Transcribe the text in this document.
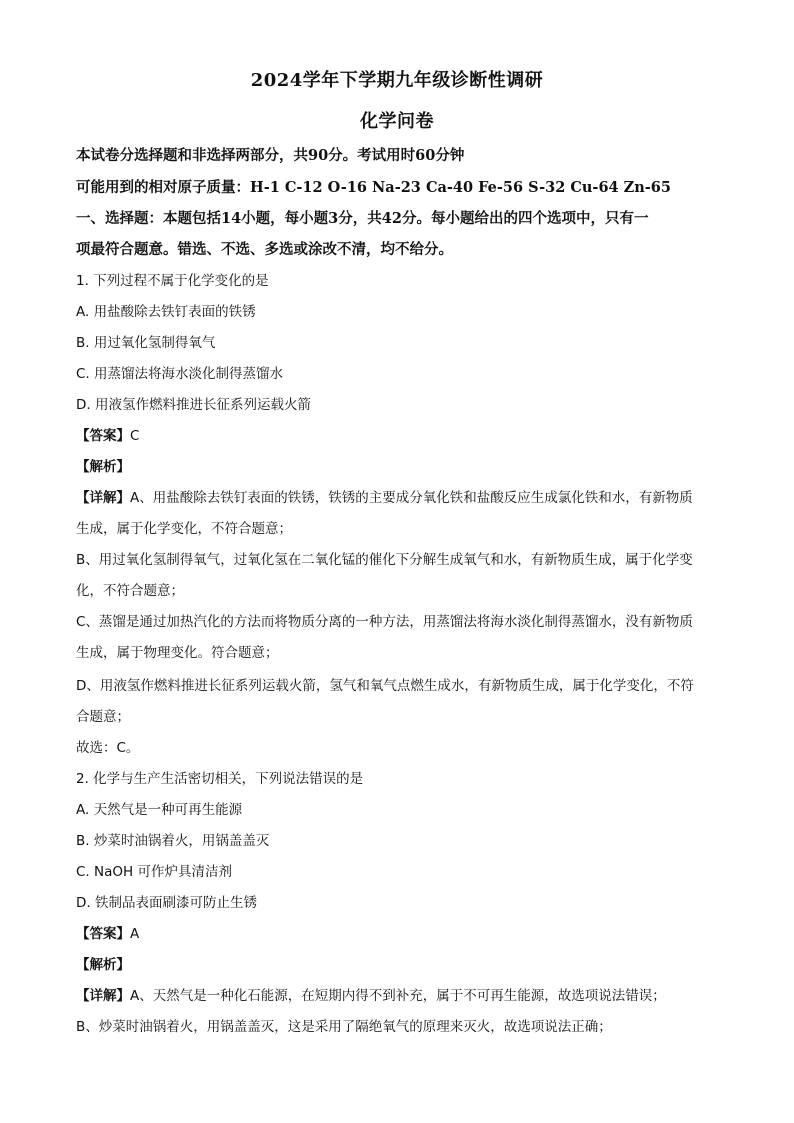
2024学年下学期九年级诊断性调研
化学问卷
本试卷分选择题和非选择两部分，共90分。考试用时60分钟
可能用到的相对原子质量：H-1 C-12 O-16 Na-23 Ca-40 Fe-56 S-32 Cu-64 Zn-65
一、选择题：本题包括14小题，每小题3分，共42分。每小题给出的四个选项中，只有一
项最符合题意。错选、不选、多选或涂改不清，均不给分。
1. 下列过程不属于化学变化的是
A. 用盐酸除去铁钉表面的铁锈
B. 用过氧化氢制得氧气
C. 用蒸馏法将海水淡化制得蒸馏水
D. 用液氢作燃料推进长征系列运载火箭
【答案】C
【解析】
【详解】A、用盐酸除去铁钉表面的铁锈，铁锈的主要成分氧化铁和盐酸反应生成氯化铁和水，有新物质
生成，属于化学变化，不符合题意；
B、用过氧化氢制得氧气，过氧化氢在二氧化锰的催化下分解生成氧气和水，有新物质生成，属于化学变
化，不符合题意；
C、蒸馏是通过加热汽化的方法而将物质分离的一种方法，用蒸馏法将海水淡化制得蒸馏水，没有新物质
生成，属于物理变化。符合题意；
D、用液氢作燃料推进长征系列运载火箭，氢气和氧气点燃生成水，有新物质生成，属于化学变化，不符
合题意；
故选：C。
2. 化学与生产生活密切相关，下列说法错误的是
A. 天然气是一种可再生能源
B. 炒菜时油锅着火，用锅盖盖灭
C. NaOH 可作炉具清洁剂
D. 铁制品表面刷漆可防止生锈
【答案】A
【解析】
【详解】A、天然气是一种化石能源，在短期内得不到补充，属于不可再生能源，故选项说法错误；
B、炒菜时油锅着火，用锅盖盖灭，这是采用了隔绝氧气的原理来灭火，故选项说法正确；
